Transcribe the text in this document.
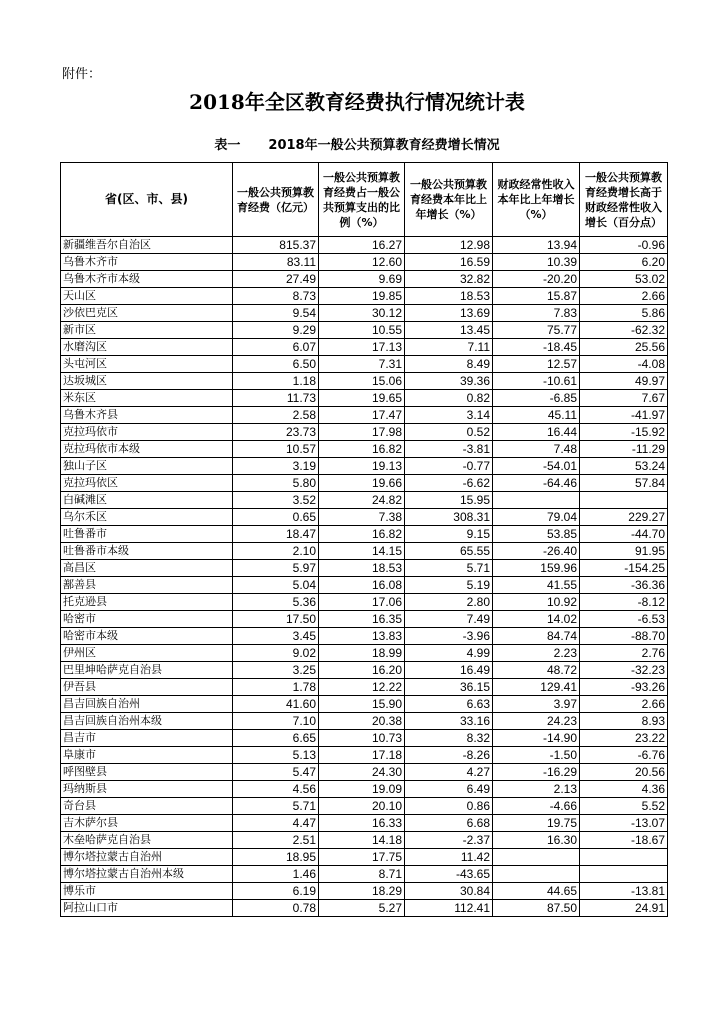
附件：
2018年全区教育经费执行情况统计表
表一 2018年一般公共预算教育经费增长情况
省(区、市、县)	一般公共预算教育经费（亿元）	一般公共预算教育经费占一般公共预算支出的比例（%）	一般公共预算教育经费本年比上年增长（%）	财政经常性收入本年比上年增长（%）	一般公共预算教育经费增长高于财政经常性收入增长（百分点）
新疆维吾尔自治区	815.37	16.27	12.98	13.94	-0.96
乌鲁木齐市	83.11	12.60	16.59	10.39	6.20
乌鲁木齐市本级	27.49	9.69	32.82	-20.20	53.02
天山区	8.73	19.85	18.53	15.87	2.66
沙依巴克区	9.54	30.12	13.69	7.83	5.86
新市区	9.29	10.55	13.45	75.77	-62.32
水磨沟区	6.07	17.13	7.11	-18.45	25.56
头屯河区	6.50	7.31	8.49	12.57	-4.08
达坂城区	1.18	15.06	39.36	-10.61	49.97
米东区	11.73	19.65	0.82	-6.85	7.67
乌鲁木齐县	2.58	17.47	3.14	45.11	-41.97
克拉玛依市	23.73	17.98	0.52	16.44	-15.92
克拉玛依市本级	10.57	16.82	-3.81	7.48	-11.29
独山子区	3.19	19.13	-0.77	-54.01	53.24
克拉玛依区	5.80	19.66	-6.62	-64.46	57.84
白碱滩区	3.52	24.82	15.95		
乌尔禾区	0.65	7.38	308.31	79.04	229.27
吐鲁番市	18.47	16.82	9.15	53.85	-44.70
吐鲁番市本级	2.10	14.15	65.55	-26.40	91.95
高昌区	5.97	18.53	5.71	159.96	-154.25
鄯善县	5.04	16.08	5.19	41.55	-36.36
托克逊县	5.36	17.06	2.80	10.92	-8.12
哈密市	17.50	16.35	7.49	14.02	-6.53
哈密市本级	3.45	13.83	-3.96	84.74	-88.70
伊州区	9.02	18.99	4.99	2.23	2.76
巴里坤哈萨克自治县	3.25	16.20	16.49	48.72	-32.23
伊吾县	1.78	12.22	36.15	129.41	-93.26
昌吉回族自治州	41.60	15.90	6.63	3.97	2.66
昌吉回族自治州本级	7.10	20.38	33.16	24.23	8.93
昌吉市	6.65	10.73	8.32	-14.90	23.22
阜康市	5.13	17.18	-8.26	-1.50	-6.76
呼图壁县	5.47	24.30	4.27	-16.29	20.56
玛纳斯县	4.56	19.09	6.49	2.13	4.36
奇台县	5.71	20.10	0.86	-4.66	5.52
吉木萨尔县	4.47	16.33	6.68	19.75	-13.07
木垒哈萨克自治县	2.51	14.18	-2.37	16.30	-18.67
博尔塔拉蒙古自治州	18.95	17.75	11.42		
博尔塔拉蒙古自治州本级	1.46	8.71	-43.65		
博乐市	6.19	18.29	30.84	44.65	-13.81
阿拉山口市	0.78	5.27	112.41	87.50	24.91
